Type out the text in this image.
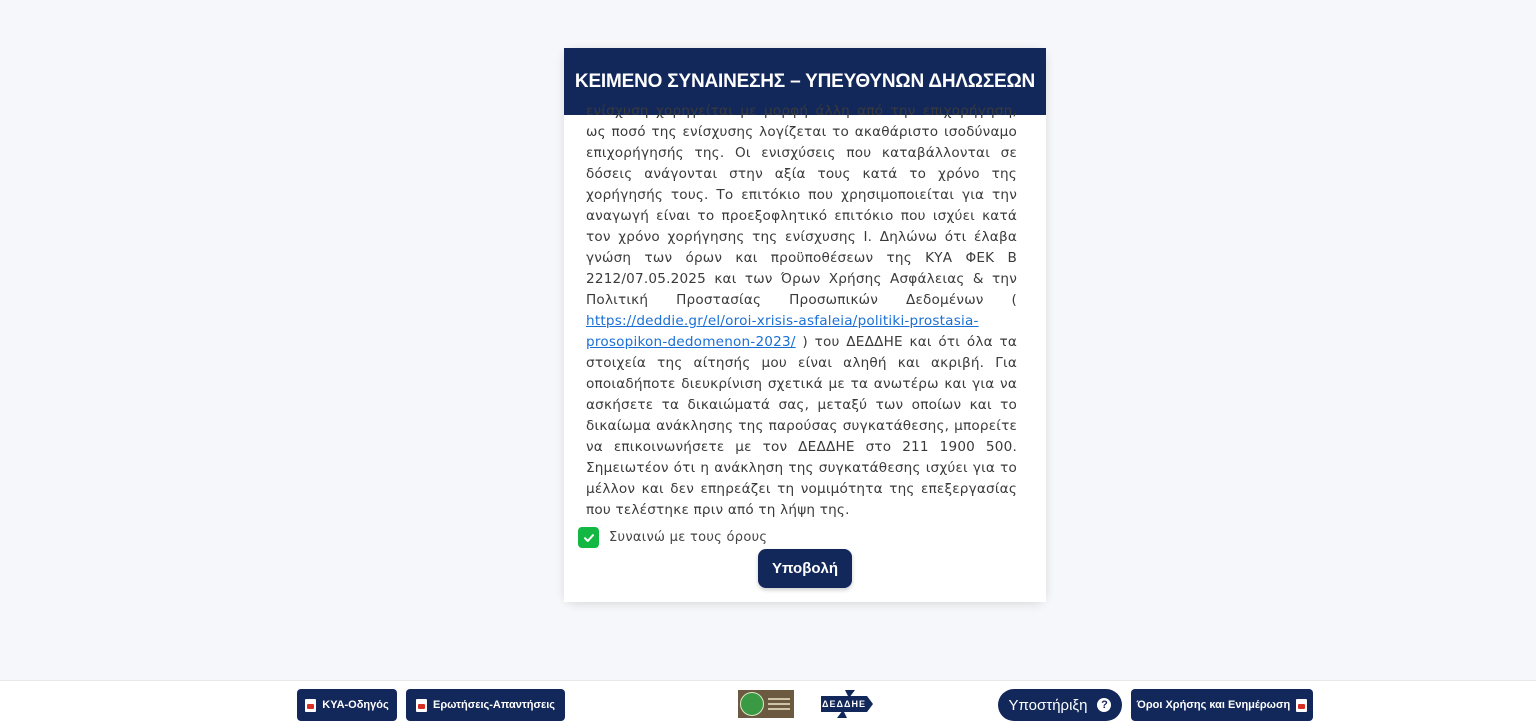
ΚΕΙΜΕΝΟ ΣΥΝΑΙΝΕΣΗΣ – ΥΠΕΥΘΥΝΩΝ ΔΗΛΩΣΕΩΝ
ενίσχυση χορηγείται με μορφή άλλη από την επιχορήγηση, ως ποσό της ενίσχυσης λογίζεται το ακαθάριστο ισοδύναμο επιχορήγησής της. Οι ενισχύσεις που καταβάλλονται σε δόσεις ανάγονται στην αξία τους κατά το χρόνο της χορήγησής τους. Το επιτόκιο που χρησιμοποιείται για την αναγωγή είναι το προεξοφλητικό επιτόκιο που ισχύει κατά τον χρόνο χορήγησης της ενίσχυσης Ι. Δηλώνω ότι έλαβα γνώση των όρων και προϋποθέσεων της ΚΥΑ ΦΕΚ Β 2212/07.05.2025 και των Όρων Χρήσης Ασφάλειας & την Πολιτική Προστασίας Προσωπικών Δεδομένων ( https://deddie.gr/el/oroi-xrisis-asfaleia/politiki-prostasia-prosopikon-dedomenon-2023/ ) του ΔΕΔΔΗΕ και ότι όλα τα στοιχεία της αίτησής μου είναι αληθή και ακριβή. Για οποιαδήποτε διευκρίνιση σχετικά με τα ανωτέρω και για να ασκήσετε τα δικαιώματά σας, μεταξύ των οποίων και το δικαίωμα ανάκλησης της παρούσας συγκατάθεσης, μπορείτε να επικοινωνήσετε με τον ΔΕΔΔΗΕ στο 211 1900 500. Σημειωτέον ότι η ανάκληση της συγκατάθεσης ισχύει για το μέλλον και δεν επηρεάζει τη νομιμότητα της επεξεργασίας που τελέστηκε πριν από τη λήψη της.
Συναινώ με τους όρους
Υποβολή
ΚΥΑ-Οδηγός	Ερωτήσεις-Απαντήσεις	ΔΕΔΔΗΕ	Υποστήριξη	?	Όροι Χρήσης και Ενημέρωση
